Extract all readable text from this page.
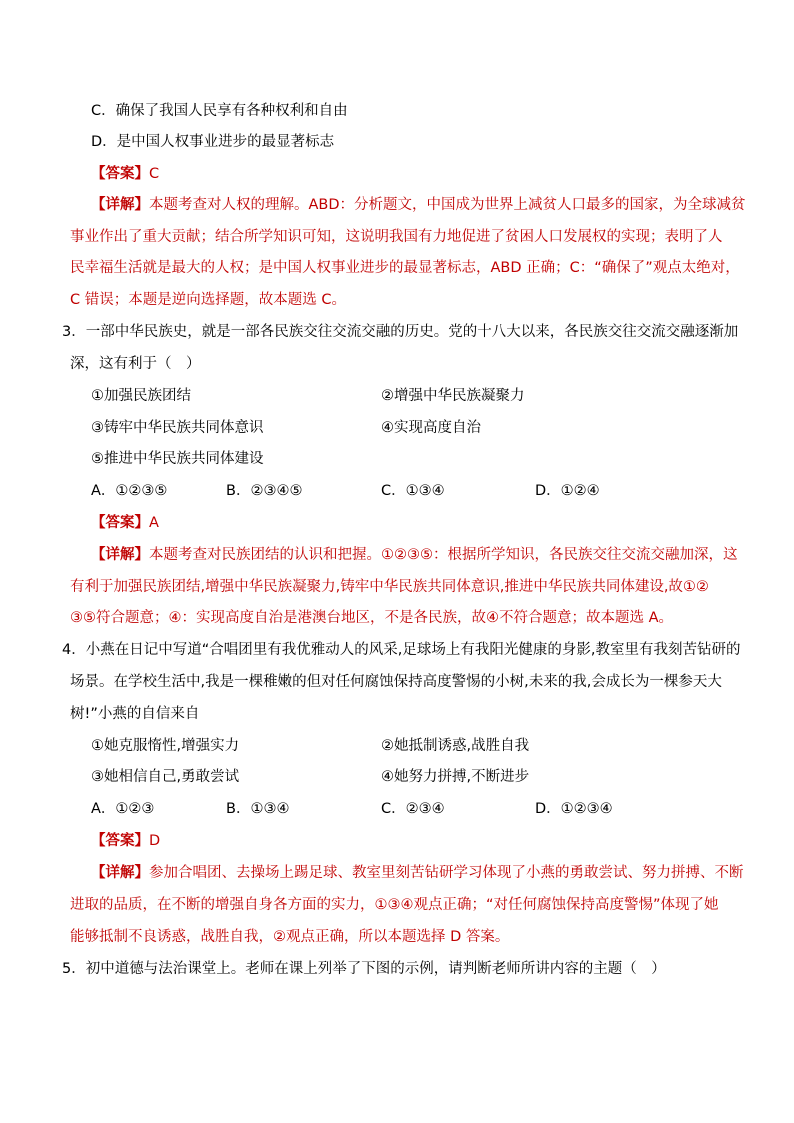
C．确保了我国人民享有各种权利和自由
D．是中国人权事业进步的最显著标志
【答案】C
【详解】本题考查对人权的理解。ABD：分析题文，中国成为世界上减贫人口最多的国家，为全球减贫
事业作出了重大贡献；结合所学知识可知，这说明我国有力地促进了贫困人口发展权的实现；表明了人
民幸福生活就是最大的人权；是中国人权事业进步的最显著标志，ABD 正确；C：“确保了”观点太绝对，
C 错误；本题是逆向选择题，故本题选 C。
3．一部中华民族史，就是一部各民族交往交流交融的历史。党的十八大以来，各民族交往交流交融逐渐加
深，这有利于（　）
①加强民族团结	②增强中华民族凝聚力
③铸牢中华民族共同体意识	④实现高度自治
⑤推进中华民族共同体建设
A．①②③⑤	B．②③④⑤	C．①③④	D．①②④
【答案】A
【详解】本题考查对民族团结的认识和把握。①②③⑤：根据所学知识，各民族交往交流交融加深，这
有利于加强民族团结,增强中华民族凝聚力,铸牢中华民族共同体意识,推进中华民族共同体建设,故①②
③⑤符合题意；④：实现高度自治是港澳台地区，不是各民族，故④不符合题意；故本题选 A。
4．小燕在日记中写道“合唱团里有我优雅动人的风采,足球场上有我阳光健康的身影,教室里有我刻苦钻研的
场景。在学校生活中,我是一棵稚嫩的但对任何腐蚀保持高度警惕的小树,未来的我,会成长为一棵参天大
树!”小燕的自信来自
①她克服惰性,增强实力	②她抵制诱惑,战胜自我
③她相信自己,勇敢尝试	④她努力拼搏,不断进步
A．①②③	B．①③④	C．②③④	D．①②③④
【答案】D
【详解】参加合唱团、去操场上踢足球、教室里刻苦钻研学习体现了小燕的勇敢尝试、努力拼搏、不断
进取的品质，在不断的增强自身各方面的实力，①③④观点正确；“对任何腐蚀保持高度警惕”体现了她
能够抵制不良诱惑，战胜自我，②观点正确，所以本题选择 D 答案。
5．初中道德与法治课堂上。老师在课上列举了下图的示例，请判断老师所讲内容的主题（　）
